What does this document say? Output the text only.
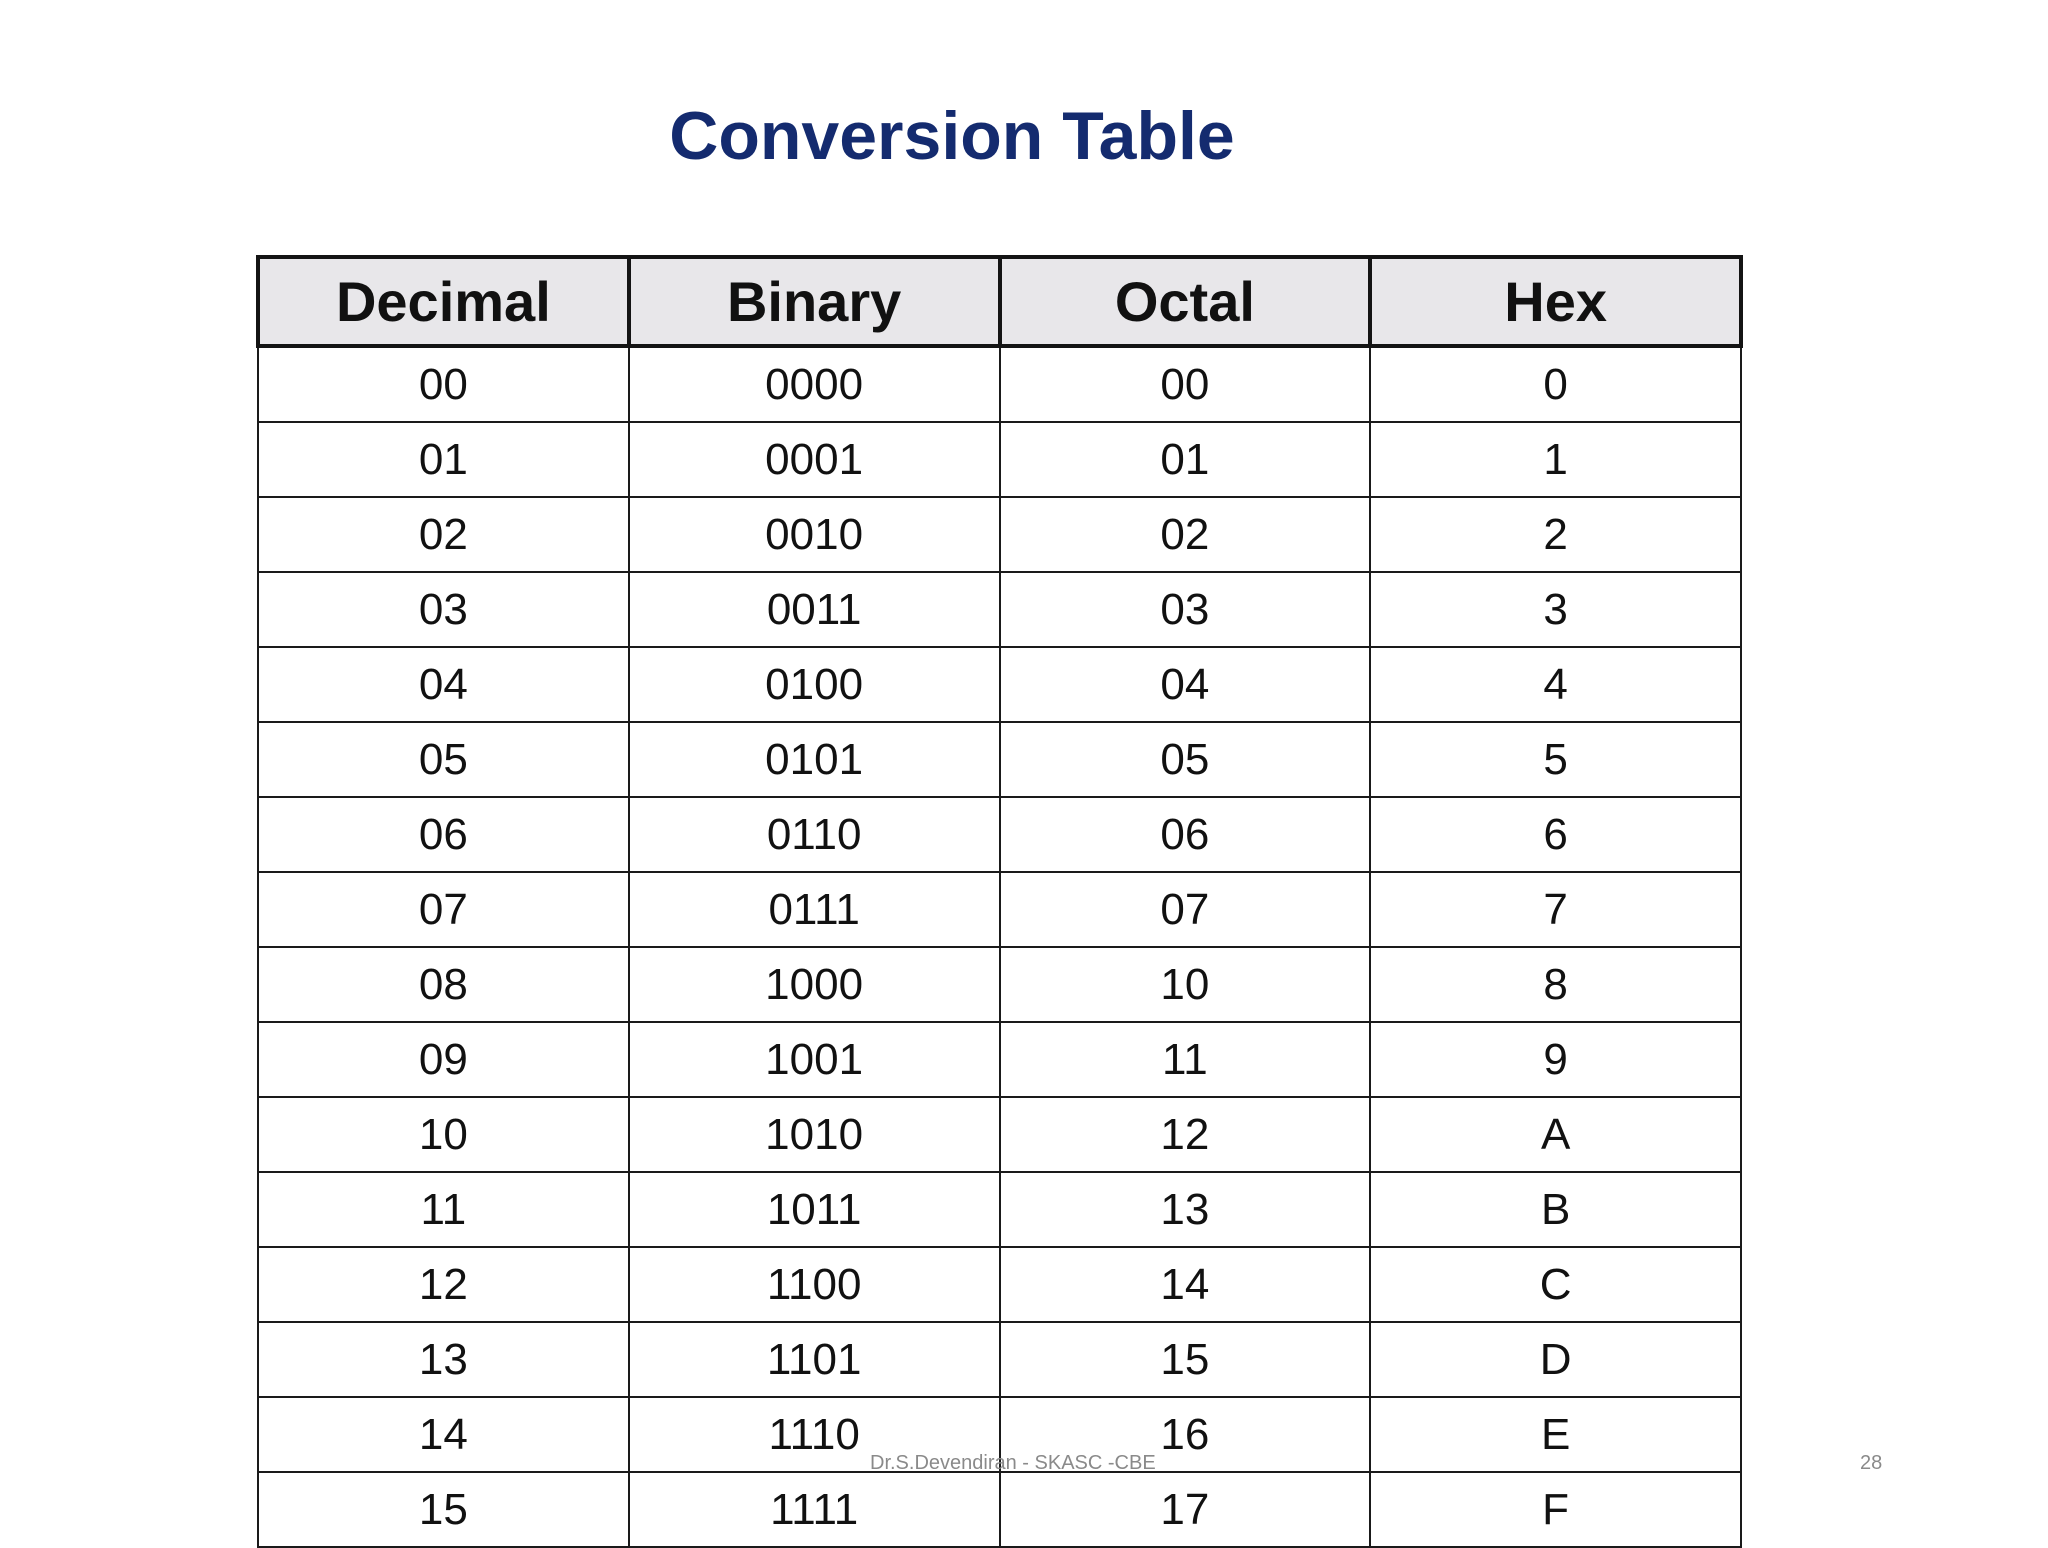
Conversion Table
Decimal	Binary	Octal	Hex
00	0000	00	0
01	0001	01	1
02	0010	02	2
03	0011	03	3
04	0100	04	4
05	0101	05	5
06	0110	06	6
07	0111	07	7
08	1000	10	8
09	1001	11	9
10	1010	12	A
11	1011	13	B
12	1100	14	C
13	1101	15	D
14	1110	16	E
15	1111	17	F
Dr.S.Devendiran - SKASC -CBE	28
